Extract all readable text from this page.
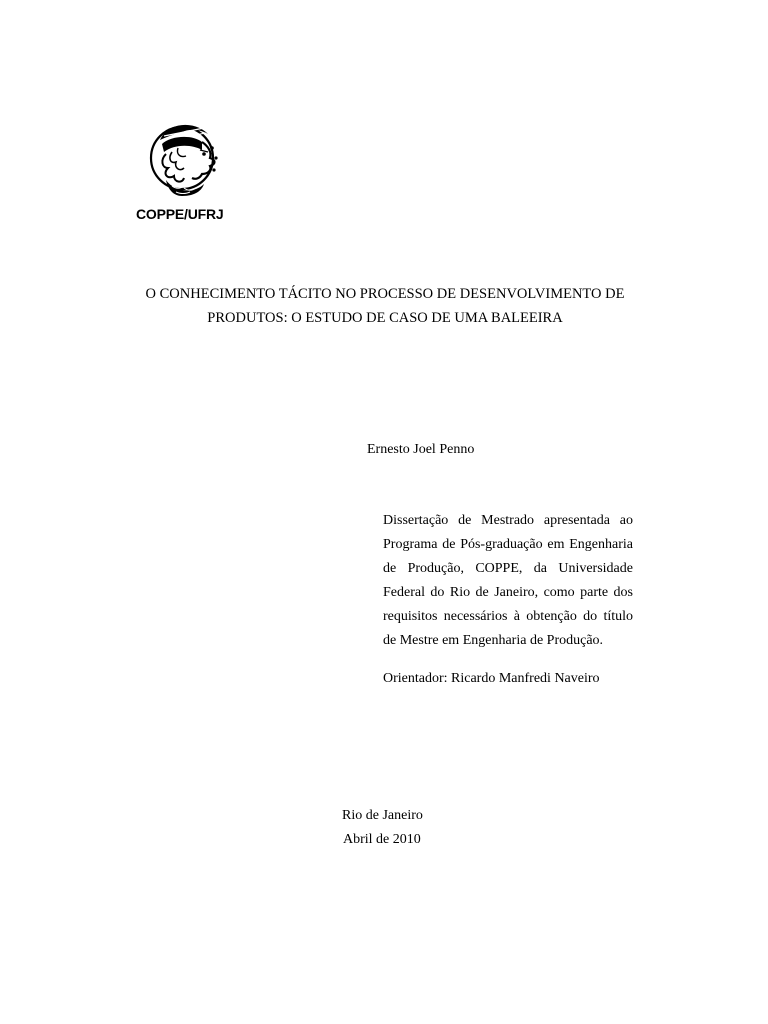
COPPE/UFRJ
O CONHECIMENTO TÁCITO NO PROCESSO DE DESENVOLVIMENTO DE PRODUTOS: O ESTUDO DE CASO DE UMA BALEEIRA
Ernesto Joel Penno
Dissertação de Mestrado apresentada ao Programa de Pós-graduação em Engenharia de Produção, COPPE, da Universidade Federal do Rio de Janeiro, como parte dos requisitos necessários à obtenção do título de Mestre em Engenharia de Produção.
Orientador: Ricardo Manfredi Naveiro
Rio de Janeiro
Abril de 2010
